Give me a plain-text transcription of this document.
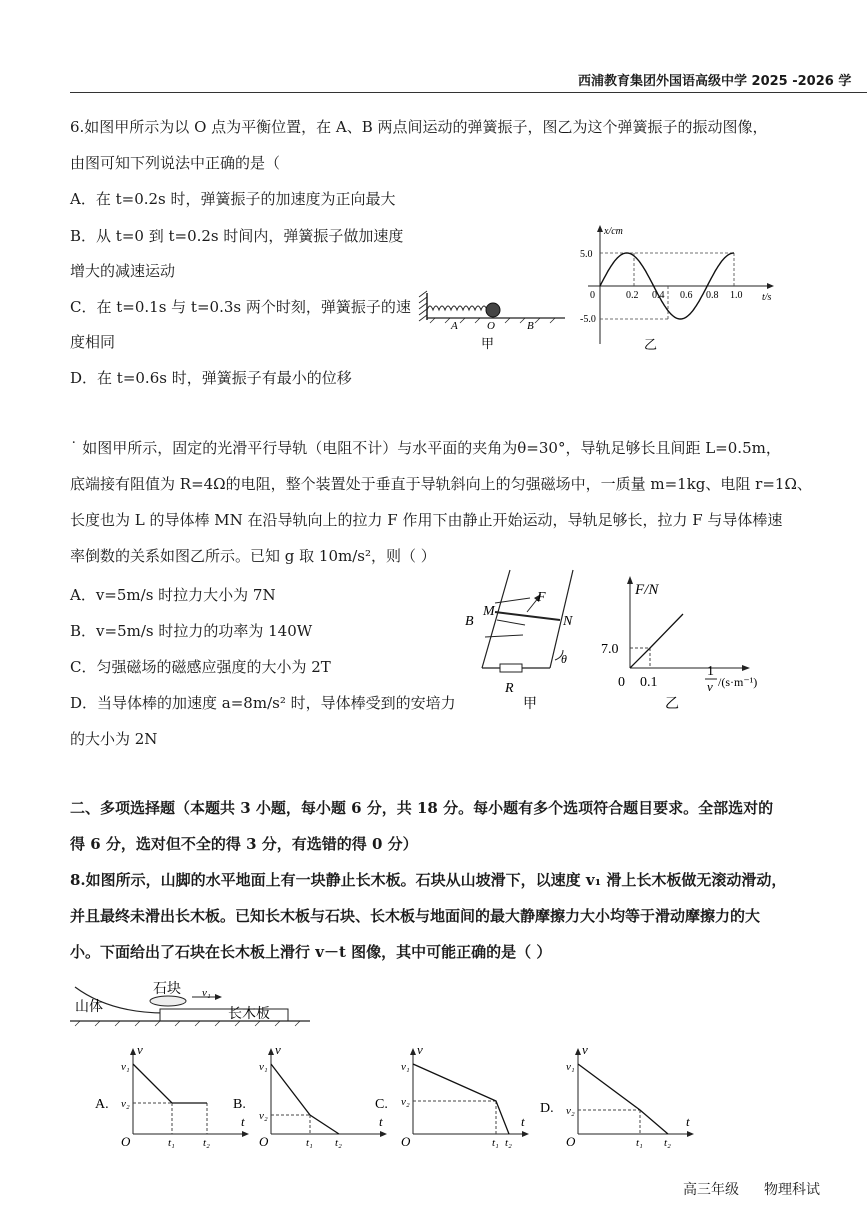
西浦教育集团外国语高级中学 2025 -2026 学
6.如图甲所示为以 O 点为平衡位置，在 A、B 两点间运动的弹簧振子，图乙为这个弹簧振子的振动图像，
由图可知下列说法中正确的是（
A．在 t=0.2s 时，弹簧振子的加速度为正向最大
B．从 t=0 到 t=0.2s 时间内，弹簧振子做加速度
增大的减速运动
C．在 t=0.1s 与 t=0.3s 两个时刻，弹簧振子的速
度相同
D．在 t=0.6s 时，弹簧振子有最小的位移
A	O	B
甲
x/cm
t/s
5.0
-5.0
0	0.2 0.4 0.6 0.8 1.0
乙
˙ 如图甲所示，固定的光滑平行导轨（电阻不计）与水平面的夹角为θ=30°，导轨足够长且间距 L=0.5m，
底端接有阻值为 R=4Ω的电阻，整个装置处于垂直于导轨斜向上的匀强磁场中，一质量 m=1kg、电阻 r=1Ω、
长度也为 L 的导体棒 MN 在沿导轨向上的拉力 F 作用下由静止开始运动，导轨足够长，拉力 F 与导体棒速
率倒数的关系如图乙所示。已知 g 取 10m/s²，则（ ）
A．v=5m/s 时拉力大小为 7N
B．v=5m/s 时拉力的功率为 140W
C．匀强磁场的磁感应强度的大小为 2T
D．当导体棒的加速度 a=8m/s² 时，导体棒受到的安培力
的大小为 2N
M
N
F
B
R
θ
甲
F/N
7.0
0 0.1
1
v /(s·m⁻¹)
乙
二、多项选择题（本题共 3 小题，每小题 6 分，共 18 分。每小题有多个选项符合题目要求。全部选对的
得 6 分，选对但不全的得 3 分，有选错的得 0 分）
8.如图所示，山脚的水平地面上有一块静止长木板。石块从山坡滑下，以速度 v₁ 滑上长木板做无滚动滑动，
并且最终未滑出长木板。已知长木板与石块、长木板与地面间的最大静摩擦力大小均等于滑动摩擦力的大
小。下面给出了石块在长木板上滑行 v－t 图像，其中可能正确的是（ ）
山体
石块
长木板
v₁
A.
v₁
v
v₂
t
O	t₁	t₂
B.
v₁
v
v₂	t
O	t₁ t₂
C.
v₁
v
v₂
t
O	t₁ t₂
D.
v₁
v
v₂
t
O	t₁ t₂
高三年级 物理科试
